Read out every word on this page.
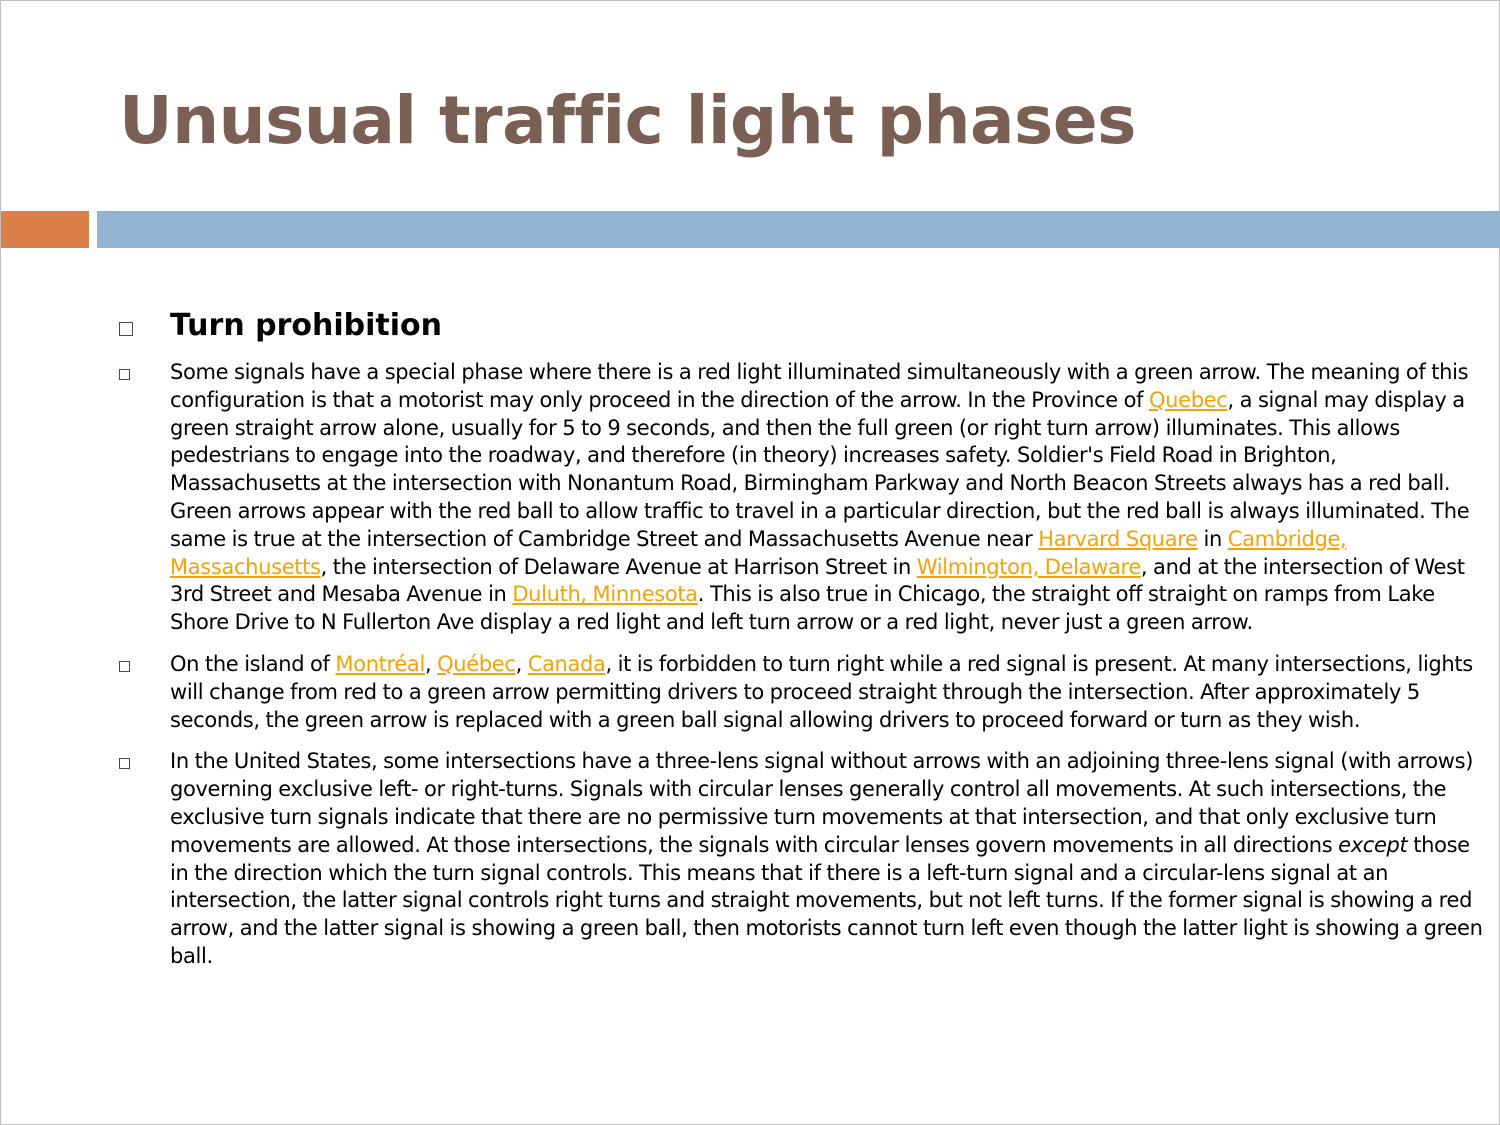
Unusual traffic light phases
Turn prohibition

Some signals have a special phase where there is a red light illuminated simultaneously with a green arrow. The meaning of this configuration is that a motorist may only proceed in the direction of the arrow. In the Province of Quebec, a signal may display a green straight arrow alone, usually for 5 to 9 seconds, and then the full green (or right turn arrow) illuminates. This allows pedestrians to engage into the roadway, and therefore (in theory) increases safety. Soldier's Field Road in Brighton, Massachusetts at the intersection with Nonantum Road, Birmingham Parkway and North Beacon Streets always has a red ball. Green arrows appear with the red ball to allow traffic to travel in a particular direction, but the red ball is always illuminated. The same is true at the intersection of Cambridge Street and Massachusetts Avenue near Harvard Square in Cambridge, Massachusetts, the intersection of Delaware Avenue at Harrison Street in Wilmington, Delaware, and at the intersection of West 3rd Street and Mesaba Avenue in Duluth, Minnesota. This is also true in Chicago, the straight off straight on ramps from Lake Shore Drive to N Fullerton Ave display a red light and left turn arrow or a red light, never just a green arrow.

On the island of Montréal, Québec, Canada, it is forbidden to turn right while a red signal is present. At many intersections, lights will change from red to a green arrow permitting drivers to proceed straight through the intersection. After approximately 5 seconds, the green arrow is replaced with a green ball signal allowing drivers to proceed forward or turn as they wish.

In the United States, some intersections have a three-lens signal without arrows with an adjoining three-lens signal (with arrows) governing exclusive left- or right-turns. Signals with circular lenses generally control all movements. At such intersections, the exclusive turn signals indicate that there are no permissive turn movements at that intersection, and that only exclusive turn movements are allowed. At those intersections, the signals with circular lenses govern movements in all directions except those in the direction which the turn signal controls. This means that if there is a left-turn signal and a circular-lens signal at an intersection, the latter signal controls right turns and straight movements, but not left turns. If the former signal is showing a red arrow, and the latter signal is showing a green ball, then motorists cannot turn left even though the latter light is showing a green ball.
